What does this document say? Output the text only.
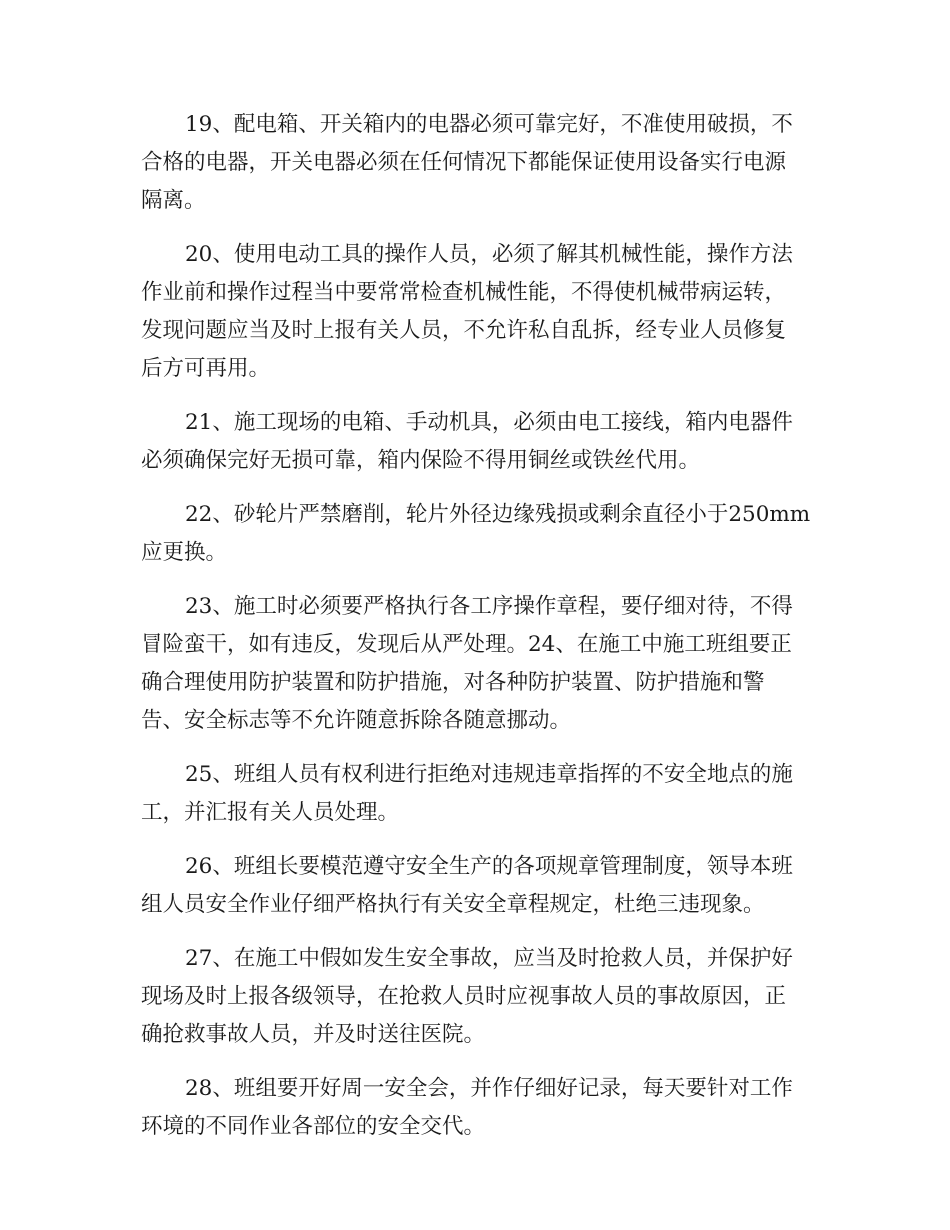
19、配电箱、开关箱内的电器必须可靠完好，不准使用破损，不
合格的电器，开关电器必须在任何情况下都能保证使用设备实行电源
隔离。
20、使用电动工具的操作人员，必须了解其机械性能，操作方法
作业前和操作过程当中要常常检查机械性能，不得使机械带病运转，
发现问题应当及时上报有关人员，不允许私自乱拆，经专业人员修复
后方可再用。
21、施工现场的电箱、手动机具，必须由电工接线，箱内电器件
必须确保完好无损可靠，箱内保险不得用铜丝或铁丝代用。
22、砂轮片严禁磨削，轮片外径边缘残损或剩余直径小于250mm
应更换。
23、施工时必须要严格执行各工序操作章程，要仔细对待，不得
冒险蛮干，如有违反，发现后从严处理。24、在施工中施工班组要正
确合理使用防护装置和防护措施，对各种防护装置、防护措施和警
告、安全标志等不允许随意拆除各随意挪动。
25、班组人员有权利进行拒绝对违规违章指挥的不安全地点的施
工，并汇报有关人员处理。
26、班组长要模范遵守安全生产的各项规章管理制度，领导本班
组人员安全作业仔细严格执行有关安全章程规定，杜绝三违现象。
27、在施工中假如发生安全事故，应当及时抢救人员，并保护好
现场及时上报各级领导，在抢救人员时应视事故人员的事故原因，正
确抢救事故人员，并及时送往医院。
28、班组要开好周一安全会，并作仔细好记录，每天要针对工作
环境的不同作业各部位的安全交代。
